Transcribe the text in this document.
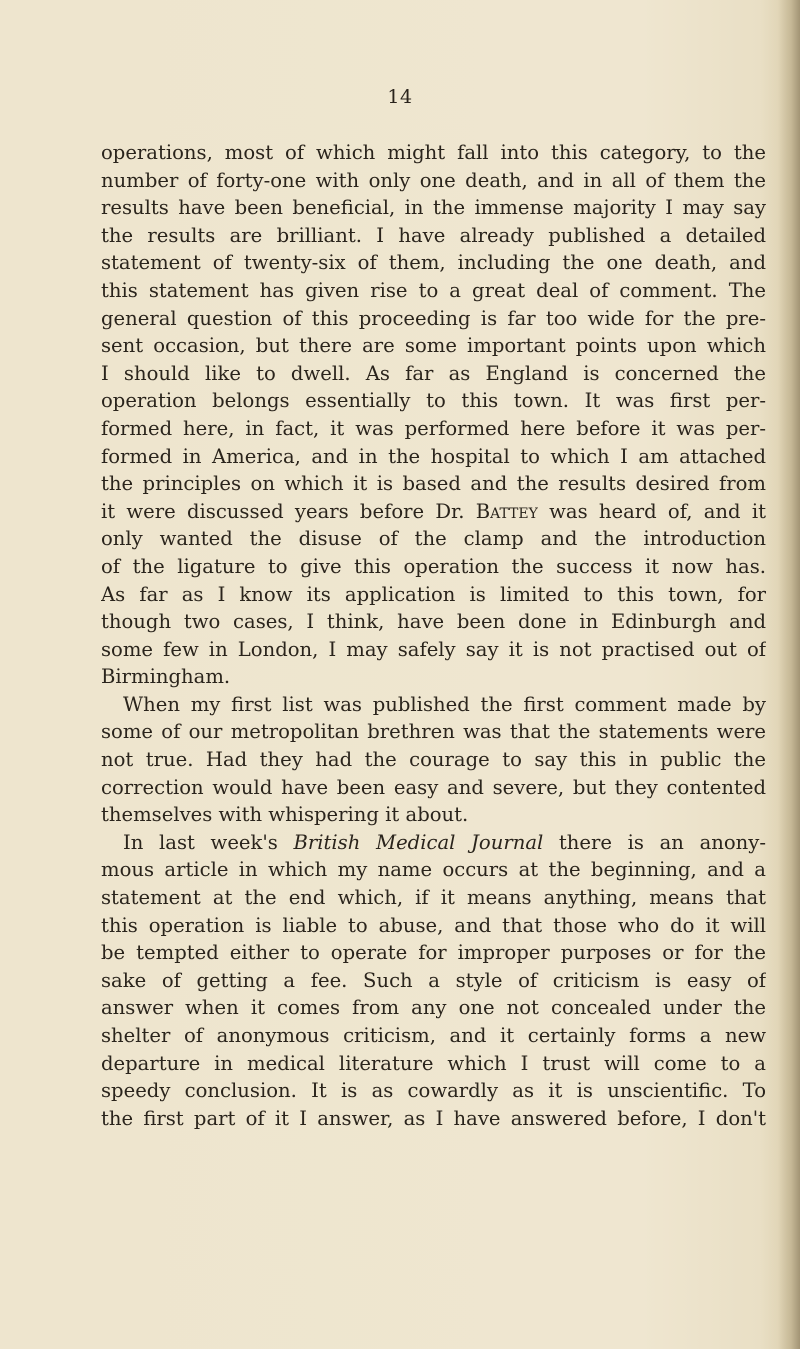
14
operations, most of which might fall into this category, to the
number of forty-one with only one death, and in all of them the
results have been beneficial, in the immense majority I may say
the results are brilliant. I have already published a detailed
statement of twenty-six of them, including the one death, and
this statement has given rise to a great deal of comment. The
general question of this proceeding is far too wide for the pre-
sent occasion, but there are some important points upon which
I should like to dwell. As far as England is concerned the
operation belongs essentially to this town. It was first per-
formed here, in fact, it was performed here before it was per-
formed in America, and in the hospital to which I am attached
the principles on which it is based and the results desired from
it were discussed years before Dr. Battey was heard of, and it
only wanted the disuse of the clamp and the introduction
of the ligature to give this operation the success it now has.
As far as I know its application is limited to this town, for
though two cases, I think, have been done in Edinburgh and
some few in London, I may safely say it is not practised out of
Birmingham.
When my first list was published the first comment made by
some of our metropolitan brethren was that the statements were
not true. Had they had the courage to say this in public the
correction would have been easy and severe, but they contented
themselves with whispering it about.
In last week's British Medical Journal there is an anony-
mous article in which my name occurs at the beginning, and a
statement at the end which, if it means anything, means that
this operation is liable to abuse, and that those who do it will
be tempted either to operate for improper purposes or for the
sake of getting a fee. Such a style of criticism is easy of
answer when it comes from any one not concealed under the
shelter of anonymous criticism, and it certainly forms a new
departure in medical literature which I trust will come to a
speedy conclusion. It is as cowardly as it is unscientific. To
the first part of it I answer, as I have answered before, I don't
